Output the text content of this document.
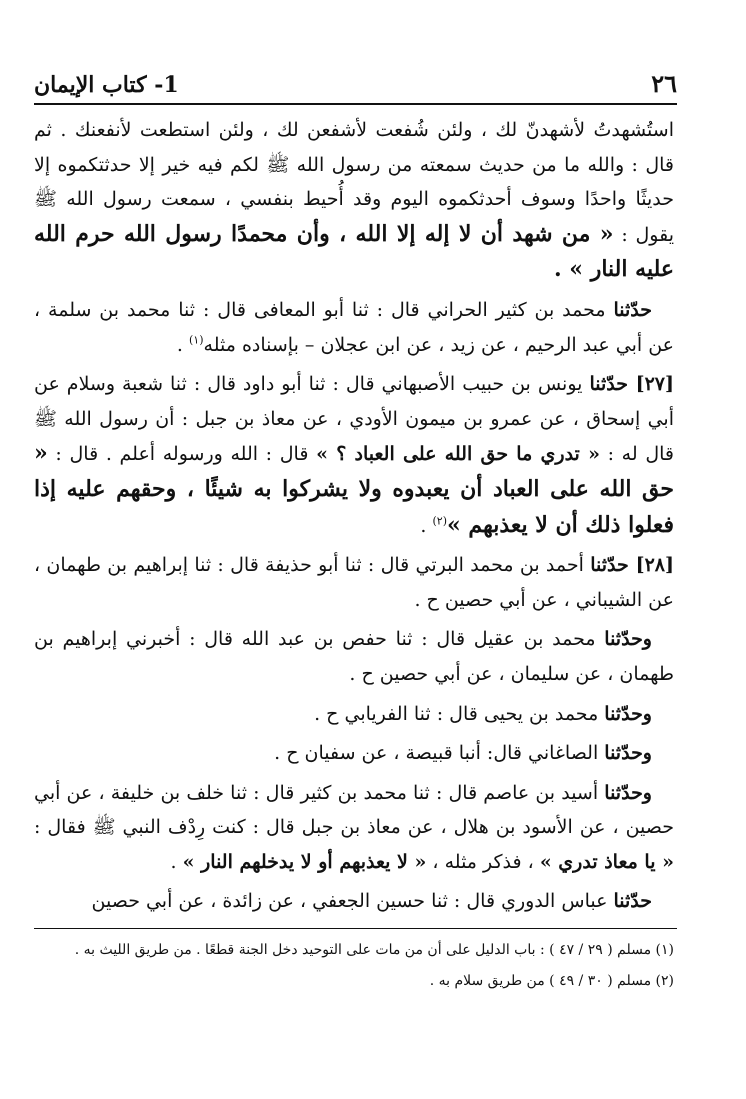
1- كتاب الإيمان	٢٦

استُشهدتُ لأشهدنّ لك ، ولئن شُفعت لأشفعن لك ، ولئن استطعت لأنفعنك . ثم قال : والله ما من حديث سمعته من رسول الله ﷺ لكم فيه خير إلا حدثتكموه إلا حديثًا واحدًا وسوف أحدثكموه اليوم وقد أُحيط بنفسي ، سمعت رسول الله ﷺ يقول : « من شهد أن لا إله إلا الله ، وأن محمدًا رسول الله حرم الله عليه النار » .

حدّثنا محمد بن كثير الحراني قال : ثنا أبو المعافى قال : ثنا محمد بن سلمة ، عن أبي عبد الرحيم ، عن زيد ، عن ابن عجلان – بإسناده مثله$^{(١)}$ .

[٢٧] حدّثنا يونس بن حبيب الأصبهاني قال : ثنا أبو داود قال : ثنا شعبة وسلام عن أبي إسحاق ، عن عمرو بن ميمون الأودي ، عن معاذ بن جبل : أن رسول الله ﷺ قال له : « تدري ما حق الله على العباد ؟ » قال : الله ورسوله أعلم . قال : « حق الله على العباد أن يعبدوه ولا يشركوا به شيئًا ، وحقهم عليه إذا فعلوا ذلك أن لا يعذبهم »$^{(٢)}$ .

[٢٨] حدّثنا أحمد بن محمد البرتي قال : ثنا أبو حذيفة قال : ثنا إبراهيم بن طهمان ، عن الشيباني ، عن أبي حصين ح .

وحدّثنا محمد بن عقيل قال : ثنا حفص بن عبد الله قال : أخبرني إبراهيم بن طهمان ، عن سليمان ، عن أبي حصين ح .

وحدّثنا محمد بن يحيى قال : ثنا الفريابي ح .

وحدّثنا الصاغاني قال: أنبا قبيصة ، عن سفيان ح .

وحدّثنا أسيد بن عاصم قال : ثنا محمد بن كثير قال : ثنا خلف بن خليفة ، عن أبي حصين ، عن الأسود بن هلال ، عن معاذ بن جبل قال : كنت رِدْف النبي ﷺ فقال : « يا معاذ تدري » ، فذكر مثله ، « لا يعذبهم أو لا يدخلهم النار » .

حدّثنا عباس الدوري قال : ثنا حسين الجعفي ، عن زائدة ، عن أبي حصين

(١) مسلم ( ٢٩ / ٤٧ ) : باب الدليل على أن من مات على التوحيد دخل الجنة قطعًا . من طريق الليث به .

(٢) مسلم ( ٣٠ / ٤٩ ) من طريق سلام به .
